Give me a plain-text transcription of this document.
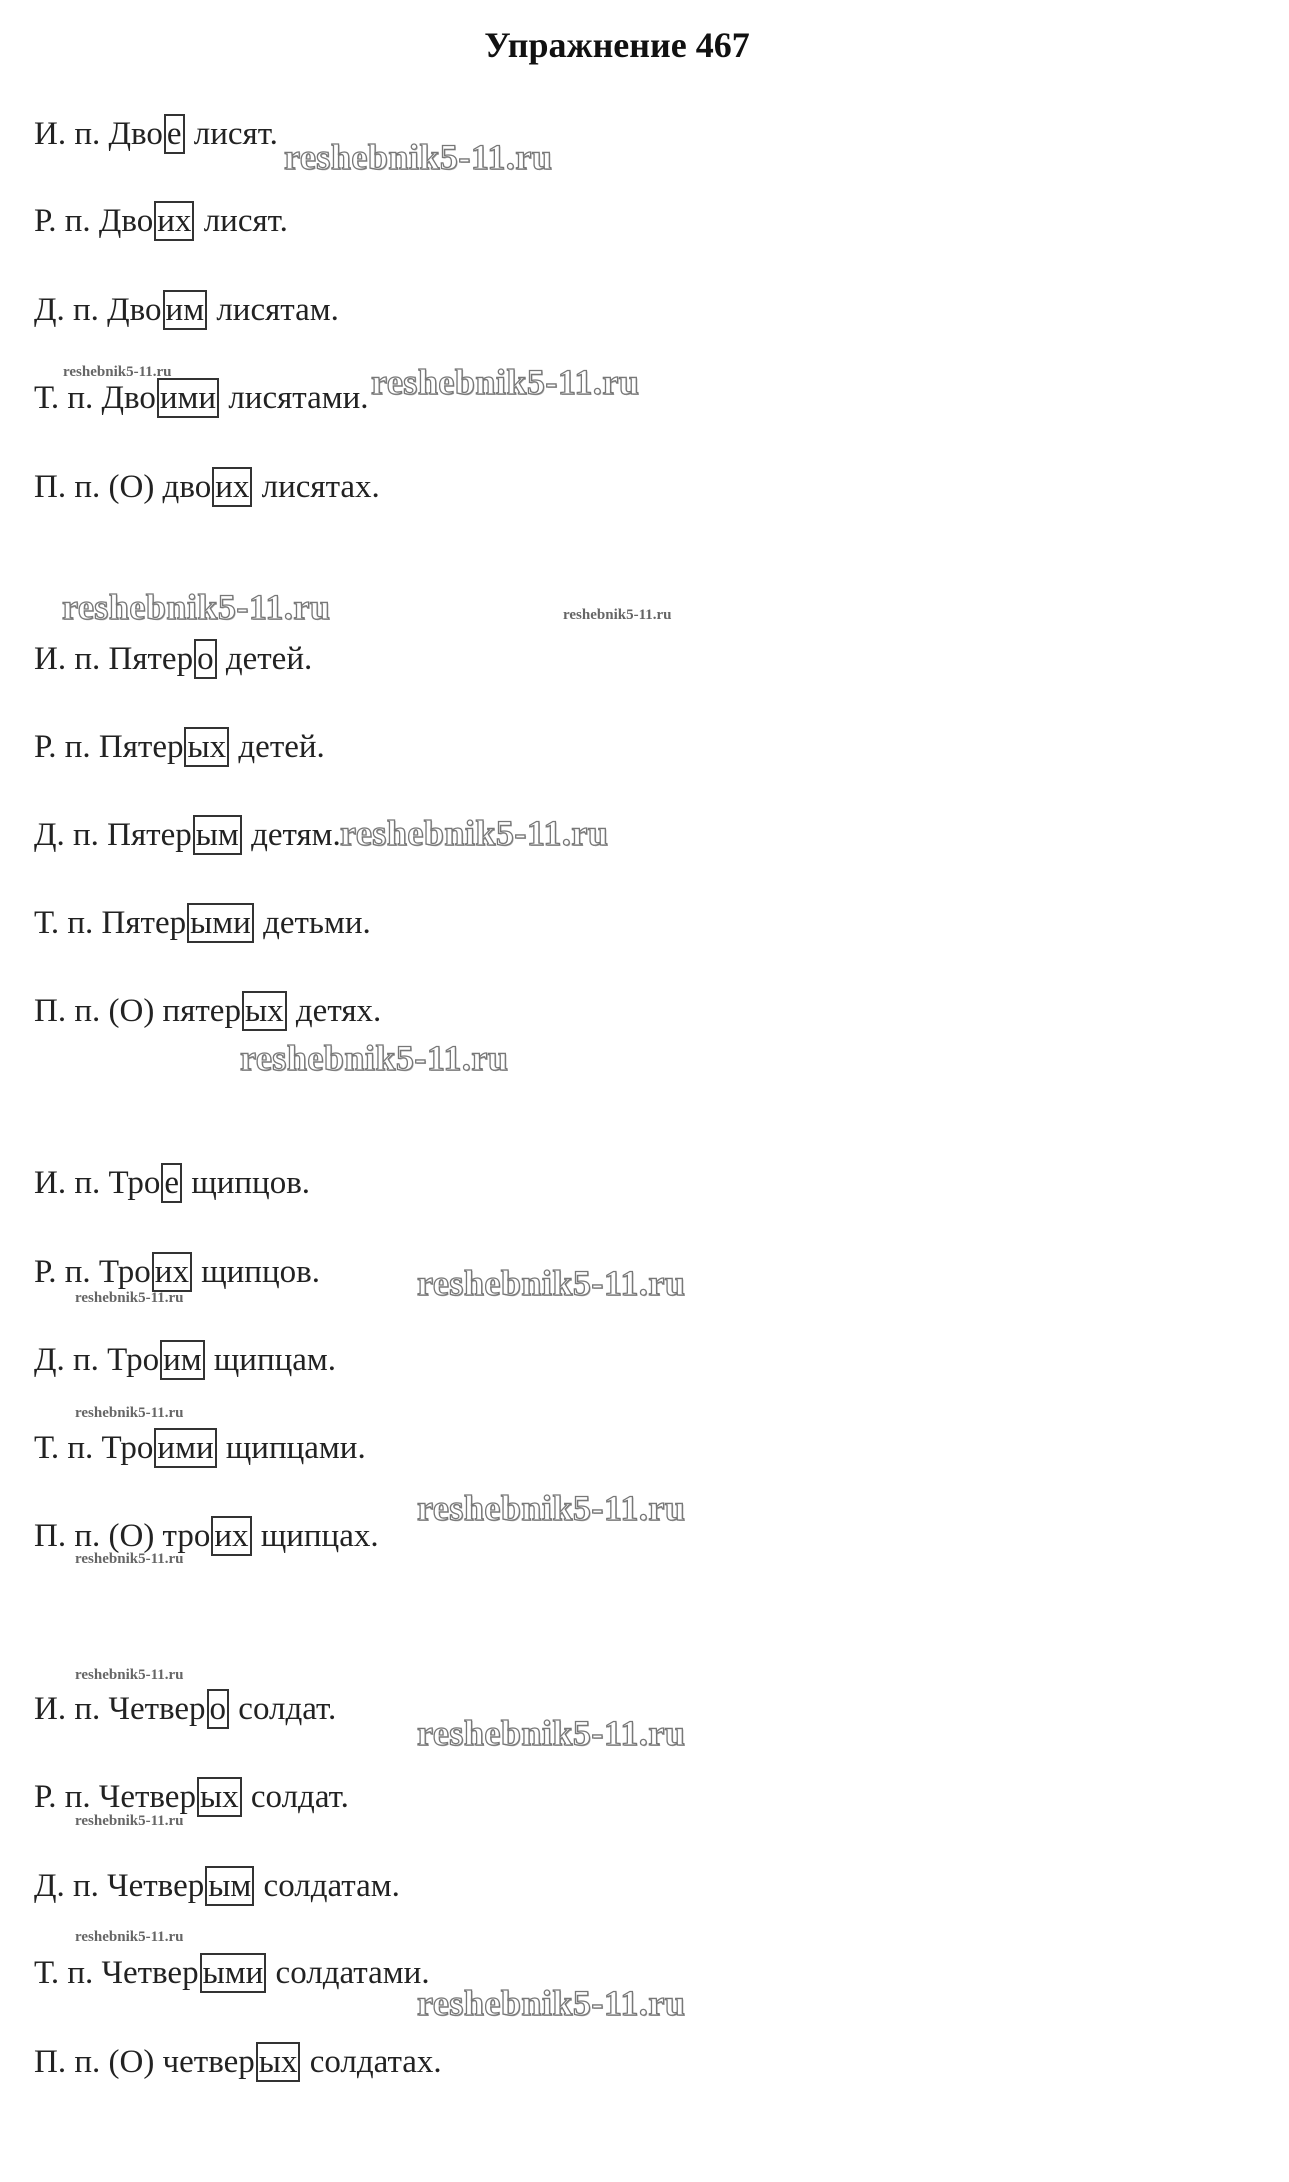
Упражнение 467
И. п. Дво е лисят.
Р. п. Дво их лисят.
Д. п. Дво им лисятам.
Т. п. Дво ими лисятами.
П. п. (О) дво их лисятах.
И. п. Пятер о детей.
Р. п. Пятер ых детей.
Д. п. Пятер ым детям.
Т. п. Пятер ыми детьми.
П. п. (О) пятер ых детях.
И. п. Тро е щипцов.
Р. п. Тро их щипцов.
Д. п. Тро им щипцам.
Т. п. Тро ими щипцами.
П. п. (О) тро их щипцах.
И. п. Четвер о солдат.
Р. п. Четвер ых солдат.
Д. п. Четвер ым солдатам.
Т. п. Четвер ыми солдатами.
П. п. (О) четвер ых солдатах.
reshebnik5-11.ru
reshebnik5-11.ru
reshebnik5-11.ru
reshebnik5-11.ru
reshebnik5-11.ru
reshebnik5-11.ru
reshebnik5-11.ru
reshebnik5-11.ru
reshebnik5-11.ru
reshebnik5-11.ru
reshebnik5-11.ru
reshebnik5-11.ru
reshebnik5-11.ru
reshebnik5-11.ru
reshebnik5-11.ru
reshebnik5-11.ru
reshebnik5-11.ru
